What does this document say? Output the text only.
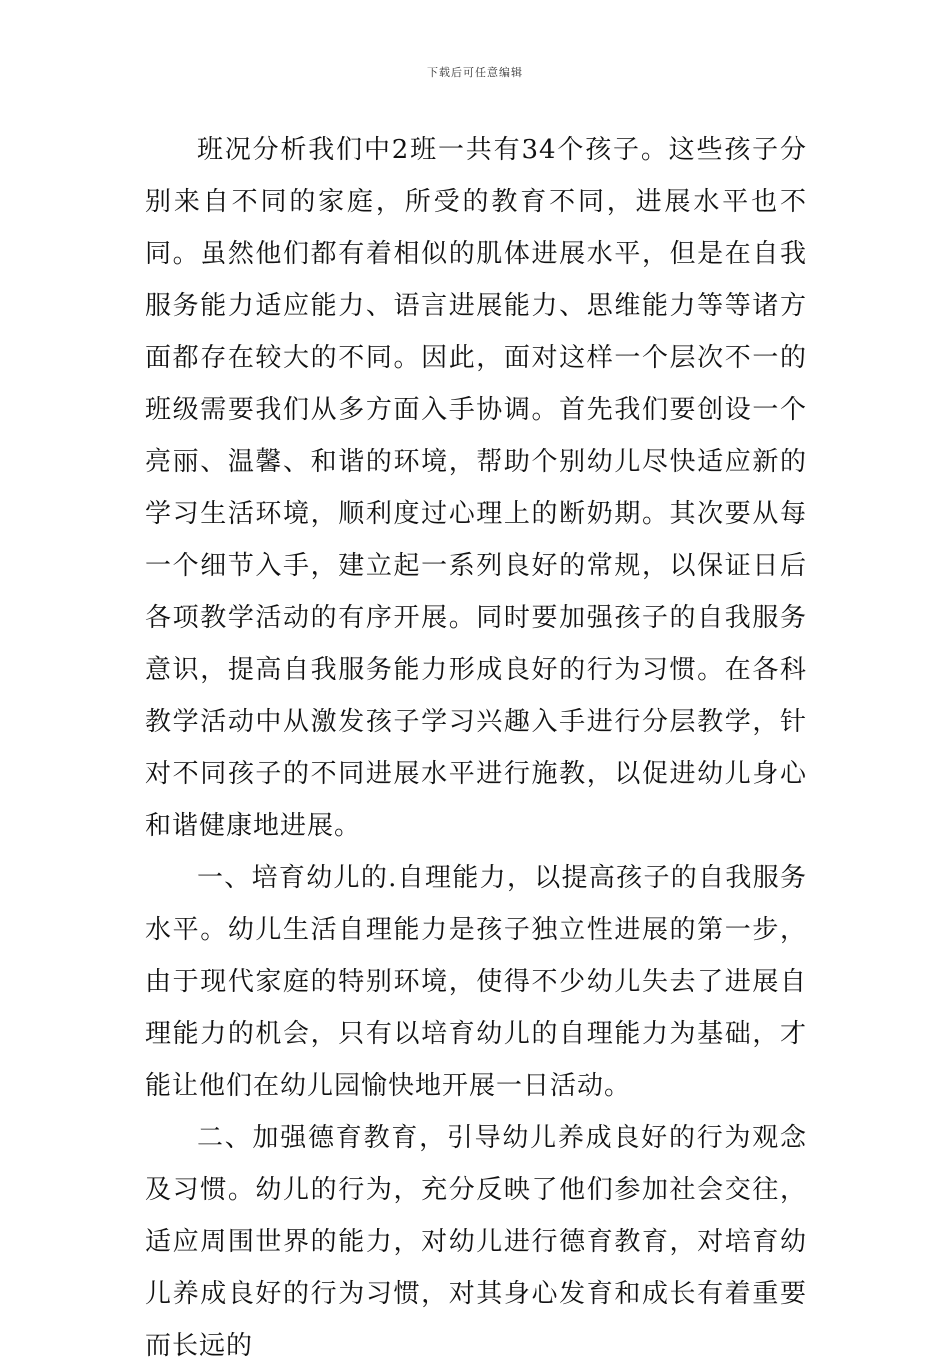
下载后可任意编辑

班况分析我们中2班一共有34个孩子。这些孩子分别来自不同的家庭，所受的教育不同，进展水平也不同。虽然他们都有着相似的肌体进展水平，但是在自我服务能力适应能力、语言进展能力、思维能力等等诸方面都存在较大的不同。因此，面对这样一个层次不一的班级需要我们从多方面入手协调。首先我们要创设一个亮丽、温馨、和谐的环境，帮助个别幼儿尽快适应新的学习生活环境，顺利度过心理上的断奶期。其次要从每一个细节入手，建立起一系列良好的常规，以保证日后各项教学活动的有序开展。同时要加强孩子的自我服务意识，提高自我服务能力形成良好的行为习惯。在各科教学活动中从激发孩子学习兴趣入手进行分层教学，针对不同孩子的不同进展水平进行施教，以促进幼儿身心和谐健康地进展。

一、培育幼儿的.自理能力，以提高孩子的自我服务水平。幼儿生活自理能力是孩子独立性进展的第一步，由于现代家庭的特别环境，使得不少幼儿失去了进展自理能力的机会，只有以培育幼儿的自理能力为基础，才能让他们在幼儿园愉快地开展一日活动。

二、加强德育教育，引导幼儿养成良好的行为观念及习惯。幼儿的行为，充分反映了他们参加社会交往，适应周围世界的能力，对幼儿进行德育教育，对培育幼儿养成良好的行为习惯，对其身心发育和成长有着重要而长远的
